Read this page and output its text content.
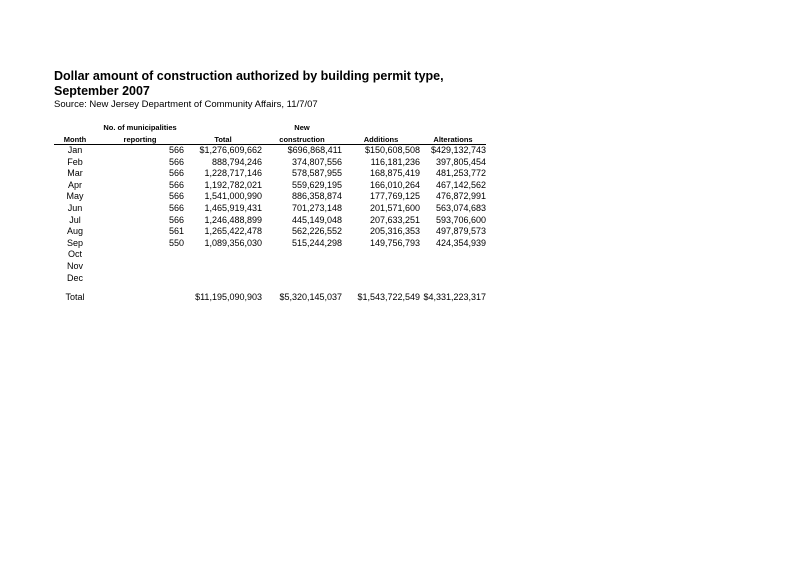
Dollar amount of construction authorized by building permit type,
September 2007
Source: New Jersey Department of Community Affairs, 11/7/07
	No. of municipalities		New		
Month	reporting	Total	construction	Additions	Alterations
Jan	566	$1,276,609,662	$696,868,411	$150,608,508	$429,132,743
Feb	566	888,794,246	374,807,556	116,181,236	397,805,454
Mar	566	1,228,717,146	578,587,955	168,875,419	481,253,772
Apr	566	1,192,782,021	559,629,195	166,010,264	467,142,562
May	566	1,541,000,990	886,358,874	177,769,125	476,872,991
Jun	566	1,465,919,431	701,273,148	201,571,600	563,074,683
Jul	566	1,246,488,899	445,149,048	207,633,251	593,706,600
Aug	561	1,265,422,478	562,226,552	205,316,353	497,879,573
Sep	550	1,089,356,030	515,244,298	149,756,793	424,354,939
Oct					
Nov					
Dec					

Total		$11,195,090,903	$5,320,145,037	$1,543,722,549	$4,331,223,317
